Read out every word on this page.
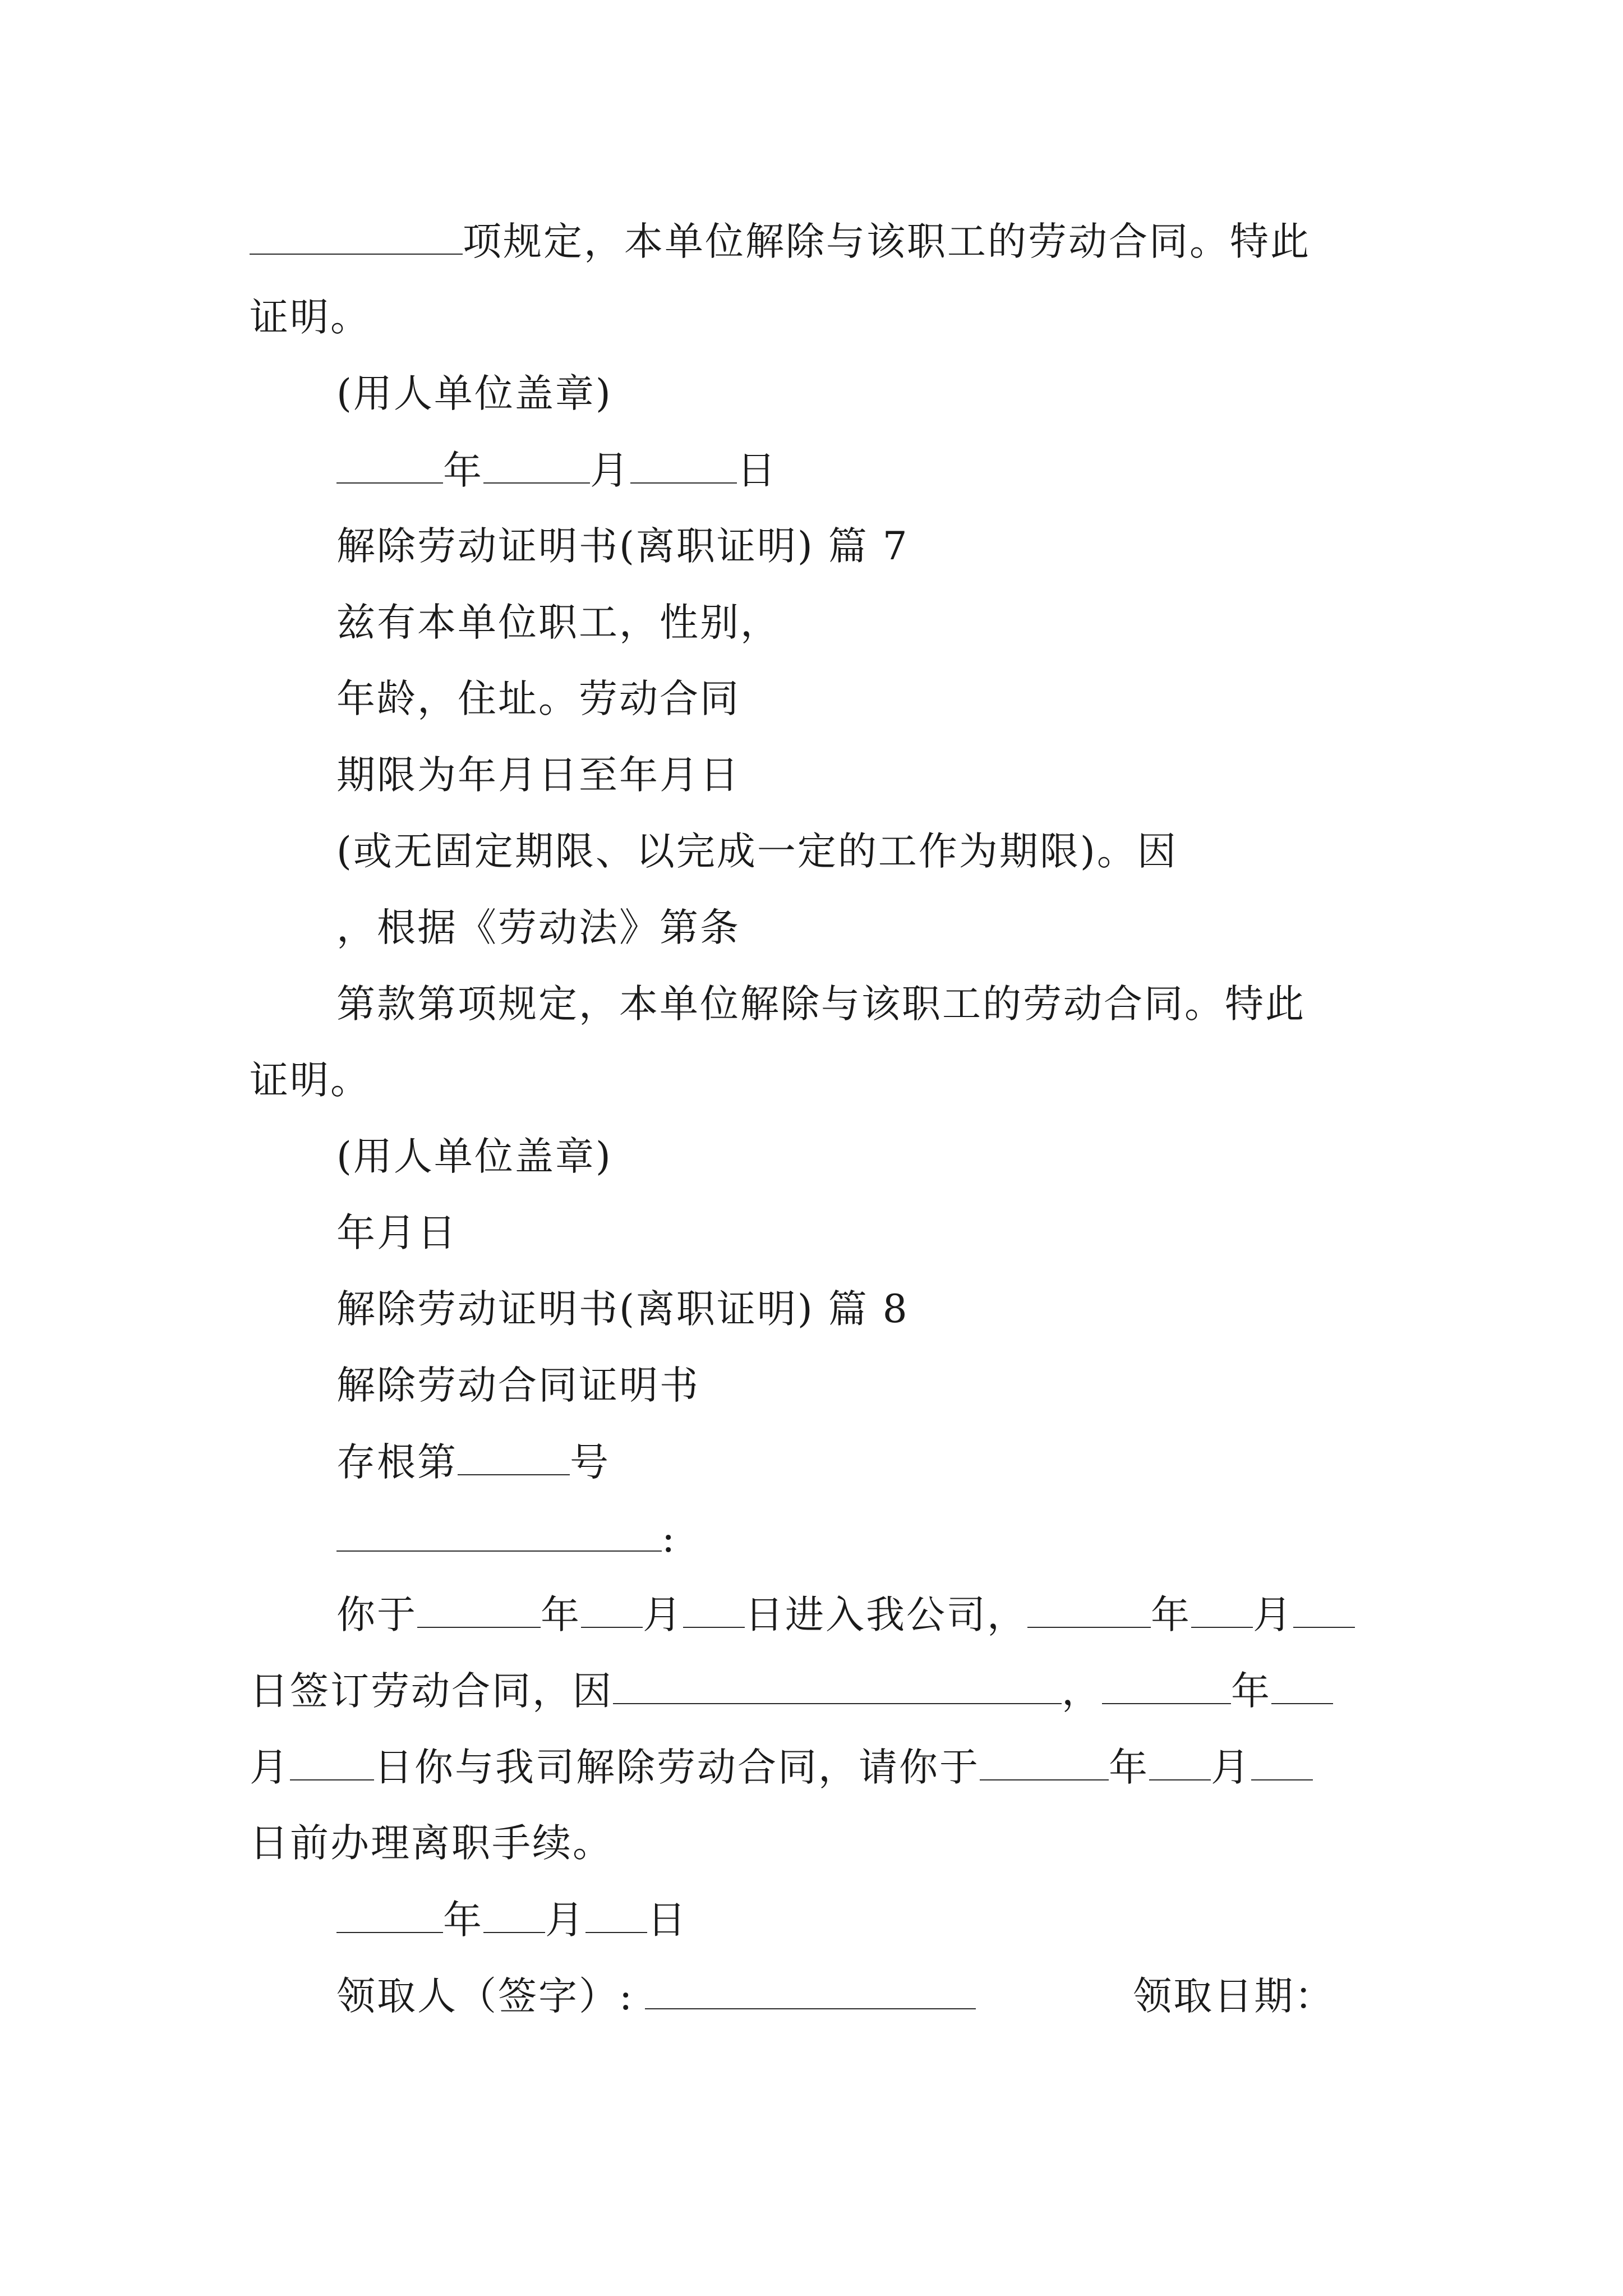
项规定，本单位解除与该职工的劳动合同。特此
证明。
(用人单位盖章)
年	月	日
解除劳动证明书(离职证明) 篇 7
兹有本单位职工，性别，
年龄，住址。劳动合同
期限为年月日至年月日
(或无固定期限、以完成一定的工作为期限)。因
，根据《劳动法》第条
第款第项规定，本单位解除与该职工的劳动合同。特此
证明。
(用人单位盖章)
年月日
解除劳动证明书(离职证明) 篇 8
解除劳动合同证明书
存根第	号
:
你于	年 月 日进入我公司，	年 月
日签订劳动合同，因	，	年
月 日你与我司解除劳动合同，请你于	年 月
日前办理离职手续。
年 月 日
领取人（签字）:	领取日期：
